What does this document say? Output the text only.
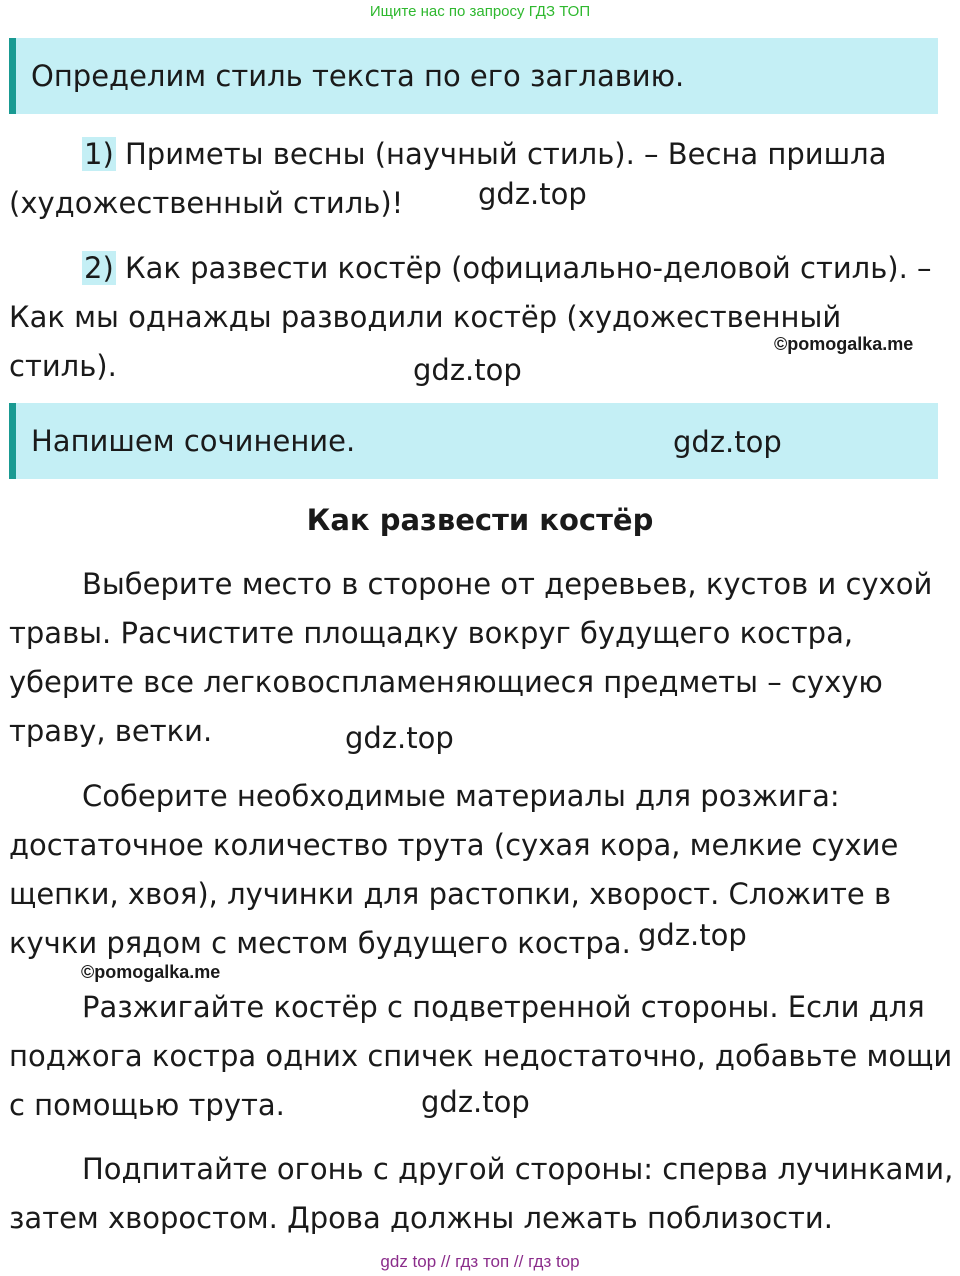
Ищите нас по запросу ГДЗ ТОП
Определим стиль текста по его заглавию.

1) Приметы весны (научный стиль). – Весна пришла (художественный стиль)!

2) Как развести костёр (официально-деловой стиль). – Как мы однажды разводили костёр (художественный стиль).

Напишем сочинение.
Как развести костёр

Выберите место в стороне от деревьев, кустов и сухой травы. Расчистите площадку вокруг будущего костра, уберите все легковоспламеняющиеся предметы – сухую траву, ветки.

Соберите необходимые материалы для розжига: достаточное количество трута (сухая кора, мелкие сухие щепки, хвоя), лучинки для растопки, хворост. Сложите в кучки рядом с местом будущего костра.

Разжигайте костёр с подветренной стороны. Если для поджога костра одних спичек недостаточно, добавьте мощи с помощью трута.

Подпитайте огонь с другой стороны: сперва лучинками, затем хворостом. Дрова должны лежать поблизости.

gdz.top
gdz.top
gdz.top
gdz.top
gdz.top
gdz.top
©pomogalka.me
©pomogalka.me
gdz top // гдз топ // гдз top
